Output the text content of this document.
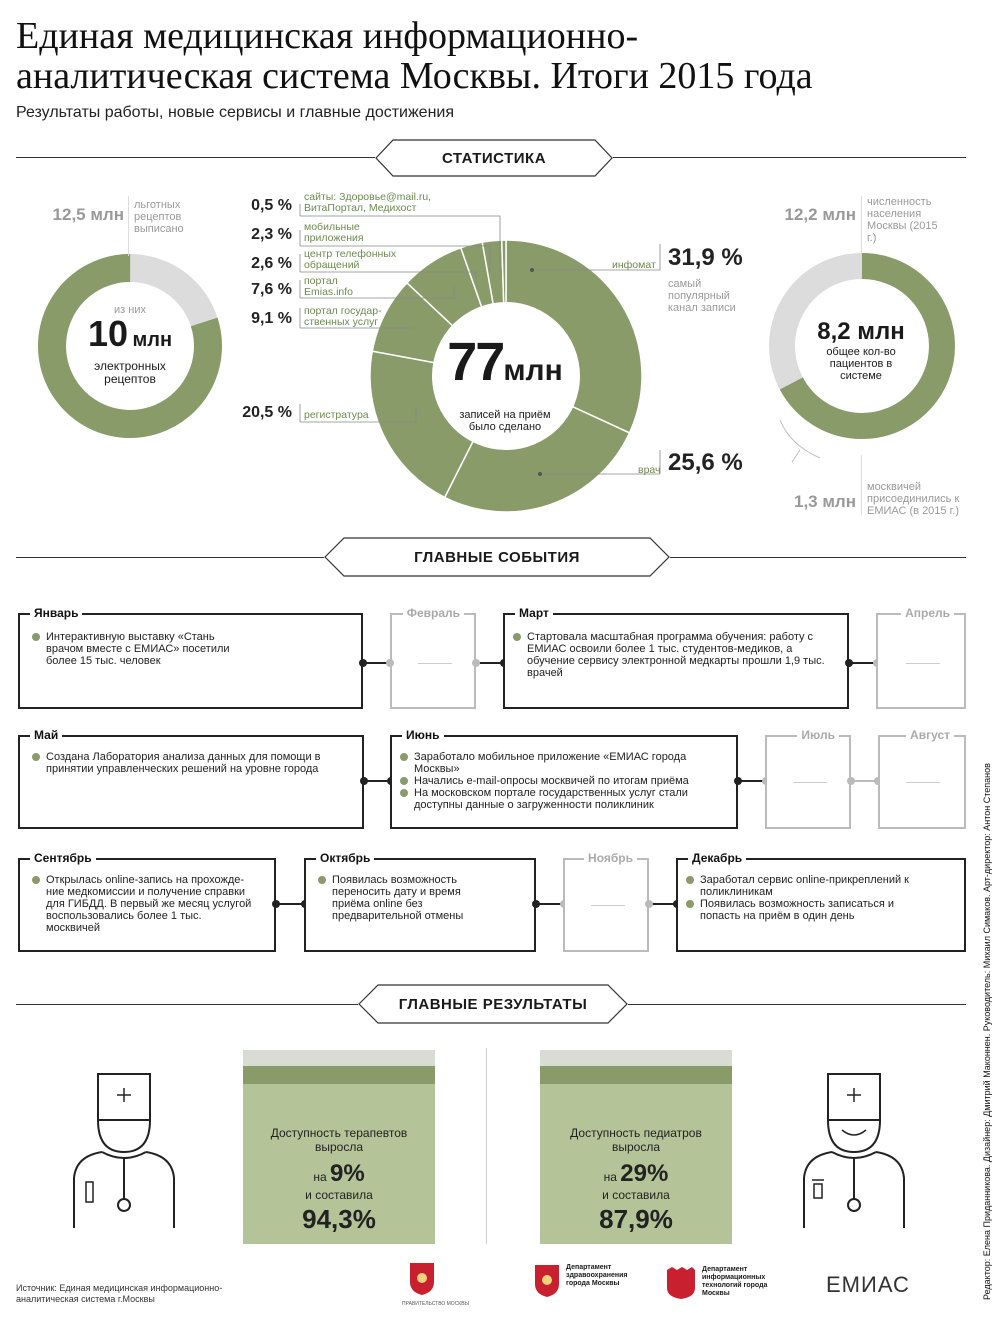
Единая медицинская информационно-
аналитическая система Москвы. Итоги 2015 года
Результаты работы, новые сервисы и главные достижения
СТАТИСТИКА
12,5 млн льготных рецептов выписано
из них
10 млн
электронных рецептов	77млн
записей на приём было сделано
0,5 % сайты: Здоровье@mail.ru, ВитаПортал, Медихост
2,3 % мобильные приложения
2,6 %
центр телефонных обращений
7,6 % портал Emias.info
9,1 % портал государ-ственных услуг
20,5 % регистратура
инфомат 31,9 %
самый популярный канал записи
врач 25,6 %
12,2 млн
численность населения Москвы (2015 г.)
8,2 млн
общее кол-во пациентов в системе
1,3 млн
москвичей присоединились к ЕМИАС (в 2015 г.)
ГЛАВНЫЕ СОБЫТИЯ
Январь
Интерактивную выставку «Стань врачом вместе с ЕМИАС» посетили более 15 тыс. человек
Февраль	Март
Стартовала масштабная программа обучения: работу с ЕМИАС освоили более 1 тыс. студентов-медиков, а обучение сервису электронной медкарты прошли 1,9 тыс. врачей
Апрель
Май
Создана Лаборатория анализа данных для помощи в принятии управленческих решений на уровне города
Июнь
Заработало мобильное приложение «ЕМИАС города Москвы»
Начались e-mail-опросы москвичей по итогам приёма
На московском портале государственных услуг стали доступны данные о загруженности поликлиник
Июль	Август
Сентябрь
Открылась online-запись на прохожде-ние медкомиссии и получение справки для ГИБДД. В первый же месяц услугой воспользовались более 1 тыс. москвичей
Октябрь
Появилась возможность переносить дату и время приёма online без предварительной отмены
Ноябрь	Декабрь
Заработал сервис online-прикреплений к поликлиникам
Появилась возможность записаться и попасть на приём в один день
ГЛАВНЫЕ РЕЗУЛЬТАТЫ
Доступность терапевтов
выросла
на 9%
и составила
94,3%
Доступность педиатров
выросла
на 29%
и составила
87,9%
Источник: Единая медицинская информационно-аналитическая система г.Москвы	ПРАВИТЕЛЬСТВО МОСКВЫ
Департамент здравоохранения города Москвы
Департамент информационных технологий города Москвы	ЕМИАС	Редактор: Елена Приданникова. Дизайнер: Дмитрий Маконнен. Руководитель: Михаил Симаков. Арт-директор: Антон Степанов
